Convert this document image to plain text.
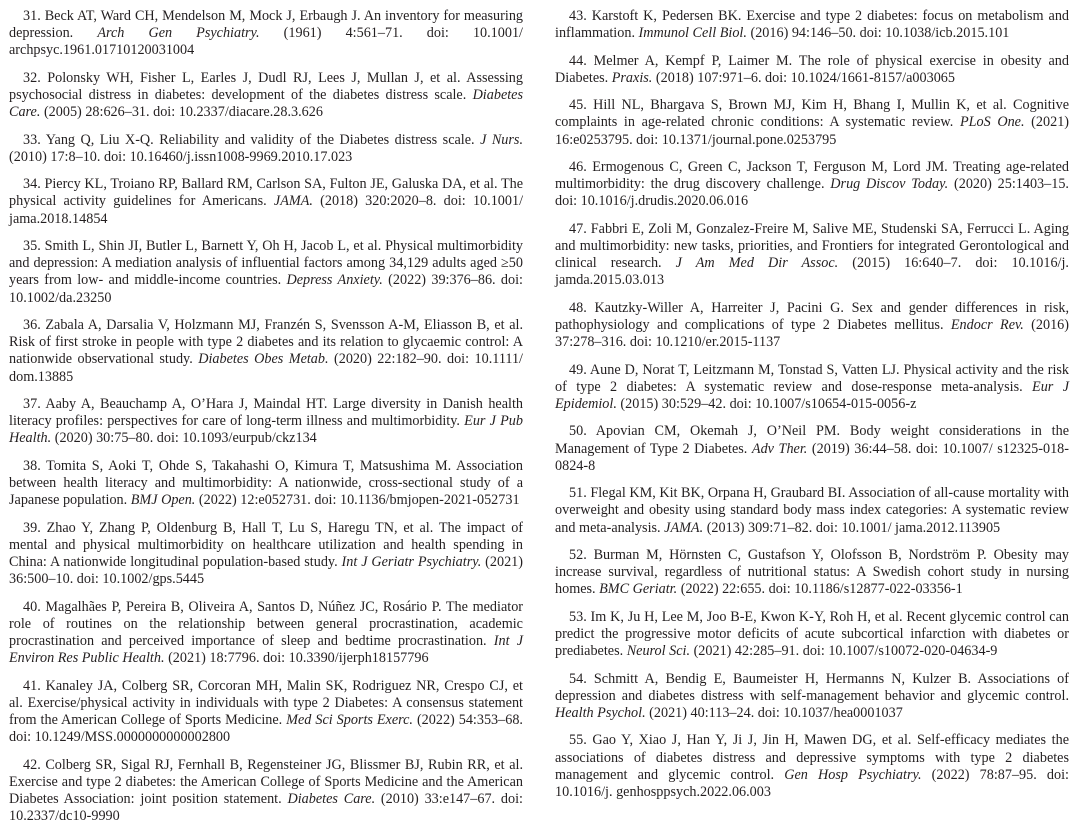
31. Beck AT, Ward CH, Mendelson M, Mock J, Erbaugh J. An inventory for measuring depression. Arch Gen Psychiatry. (1961) 4:561–71. doi: 10.1001/ archpsyc.1961.01710120031004

32. Polonsky WH, Fisher L, Earles J, Dudl RJ, Lees J, Mullan J, et al. Assessing psychosocial distress in diabetes: development of the diabetes distress scale. Diabetes Care. (2005) 28:626–31. doi: 10.2337/diacare.28.3.626

33. Yang Q, Liu X-Q. Reliability and validity of the Diabetes distress scale. J Nurs. (2010) 17:8–10. doi: 10.16460/j.issn1008-9969.2010.17.023

34. Piercy KL, Troiano RP, Ballard RM, Carlson SA, Fulton JE, Galuska DA, et al. The physical activity guidelines for Americans. JAMA. (2018) 320:2020–8. doi: 10.1001/ jama.2018.14854

35. Smith L, Shin JI, Butler L, Barnett Y, Oh H, Jacob L, et al. Physical multimorbidity and depression: A mediation analysis of influential factors among 34,129 adults aged ≥50 years from low- and middle-income countries. Depress Anxiety. (2022) 39:376–86. doi: 10.1002/da.23250

36. Zabala A, Darsalia V, Holzmann MJ, Franzén S, Svensson A-M, Eliasson B, et al. Risk of first stroke in people with type 2 diabetes and its relation to glycaemic control: A nationwide observational study. Diabetes Obes Metab. (2020) 22:182–90. doi: 10.1111/ dom.13885

37. Aaby A, Beauchamp A, O’Hara J, Maindal HT. Large diversity in Danish health literacy profiles: perspectives for care of long-term illness and multimorbidity. Eur J Pub Health. (2020) 30:75–80. doi: 10.1093/eurpub/ckz134

38. Tomita S, Aoki T, Ohde S, Takahashi O, Kimura T, Matsushima M. Association between health literacy and multimorbidity: A nationwide, cross-sectional study of a Japanese population. BMJ Open. (2022) 12:e052731. doi: 10.1136/bmjopen-2021-052731

39. Zhao Y, Zhang P, Oldenburg B, Hall T, Lu S, Haregu TN, et al. The impact of mental and physical multimorbidity on healthcare utilization and health spending in China: A nationwide longitudinal population-based study. Int J Geriatr Psychiatry. (2021) 36:500–10. doi: 10.1002/gps.5445

40. Magalhães P, Pereira B, Oliveira A, Santos D, Núñez JC, Rosário P. The mediator role of routines on the relationship between general procrastination, academic procrastination and perceived importance of sleep and bedtime procrastination. Int J Environ Res Public Health. (2021) 18:7796. doi: 10.3390/ijerph18157796

41. Kanaley JA, Colberg SR, Corcoran MH, Malin SK, Rodriguez NR, Crespo CJ, et al. Exercise/physical activity in individuals with type 2 Diabetes: A consensus statement from the American College of Sports Medicine. Med Sci Sports Exerc. (2022) 54:353–68. doi: 10.1249/MSS.0000000000002800

42. Colberg SR, Sigal RJ, Fernhall B, Regensteiner JG, Blissmer BJ, Rubin RR, et al. Exercise and type 2 diabetes: the American College of Sports Medicine and the American Diabetes Association: joint position statement. Diabetes Care. (2010) 33:e147–67. doi: 10.2337/dc10-9990

43. Karstoft K, Pedersen BK. Exercise and type 2 diabetes: focus on metabolism and inflammation. Immunol Cell Biol. (2016) 94:146–50. doi: 10.1038/icb.2015.101

44. Melmer A, Kempf P, Laimer M. The role of physical exercise in obesity and Diabetes. Praxis. (2018) 107:971–6. doi: 10.1024/1661-8157/a003065

45. Hill NL, Bhargava S, Brown MJ, Kim H, Bhang I, Mullin K, et al. Cognitive complaints in age-related chronic conditions: A systematic review. PLoS One. (2021) 16:e0253795. doi: 10.1371/journal.pone.0253795

46. Ermogenous C, Green C, Jackson T, Ferguson M, Lord JM. Treating age-related multimorbidity: the drug discovery challenge. Drug Discov Today. (2020) 25:1403–15. doi: 10.1016/j.drudis.2020.06.016

47. Fabbri E, Zoli M, Gonzalez-Freire M, Salive ME, Studenski SA, Ferrucci L. Aging and multimorbidity: new tasks, priorities, and Frontiers for integrated Gerontological and clinical research. J Am Med Dir Assoc. (2015) 16:640–7. doi: 10.1016/j. jamda.2015.03.013

48. Kautzky-Willer A, Harreiter J, Pacini G. Sex and gender differences in risk, pathophysiology and complications of type 2 Diabetes mellitus. Endocr Rev. (2016) 37:278–316. doi: 10.1210/er.2015-1137

49. Aune D, Norat T, Leitzmann M, Tonstad S, Vatten LJ. Physical activity and the risk of type 2 diabetes: A systematic review and dose-response meta-analysis. Eur J Epidemiol. (2015) 30:529–42. doi: 10.1007/s10654-015-0056-z

50. Apovian CM, Okemah J, O’Neil PM. Body weight considerations in the Management of Type 2 Diabetes. Adv Ther. (2019) 36:44–58. doi: 10.1007/ s12325-018-0824-8

51. Flegal KM, Kit BK, Orpana H, Graubard BI. Association of all-cause mortality with overweight and obesity using standard body mass index categories: A systematic review and meta-analysis. JAMA. (2013) 309:71–82. doi: 10.1001/ jama.2012.113905

52. Burman M, Hörnsten C, Gustafson Y, Olofsson B, Nordström P. Obesity may increase survival, regardless of nutritional status: A Swedish cohort study in nursing homes. BMC Geriatr. (2022) 22:655. doi: 10.1186/s12877-022-03356-1

53. Im K, Ju H, Lee M, Joo B-E, Kwon K-Y, Roh H, et al. Recent glycemic control can predict the progressive motor deficits of acute subcortical infarction with diabetes or prediabetes. Neurol Sci. (2021) 42:285–91. doi: 10.1007/s10072-020-04634-9

54. Schmitt A, Bendig E, Baumeister H, Hermanns N, Kulzer B. Associations of depression and diabetes distress with self-management behavior and glycemic control. Health Psychol. (2021) 40:113–24. doi: 10.1037/hea0001037

55. Gao Y, Xiao J, Han Y, Ji J, Jin H, Mawen DG, et al. Self-efficacy mediates the associations of diabetes distress and depressive symptoms with type 2 diabetes management and glycemic control. Gen Hosp Psychiatry. (2022) 78:87–95. doi: 10.1016/j. genhosppsych.2022.06.003
